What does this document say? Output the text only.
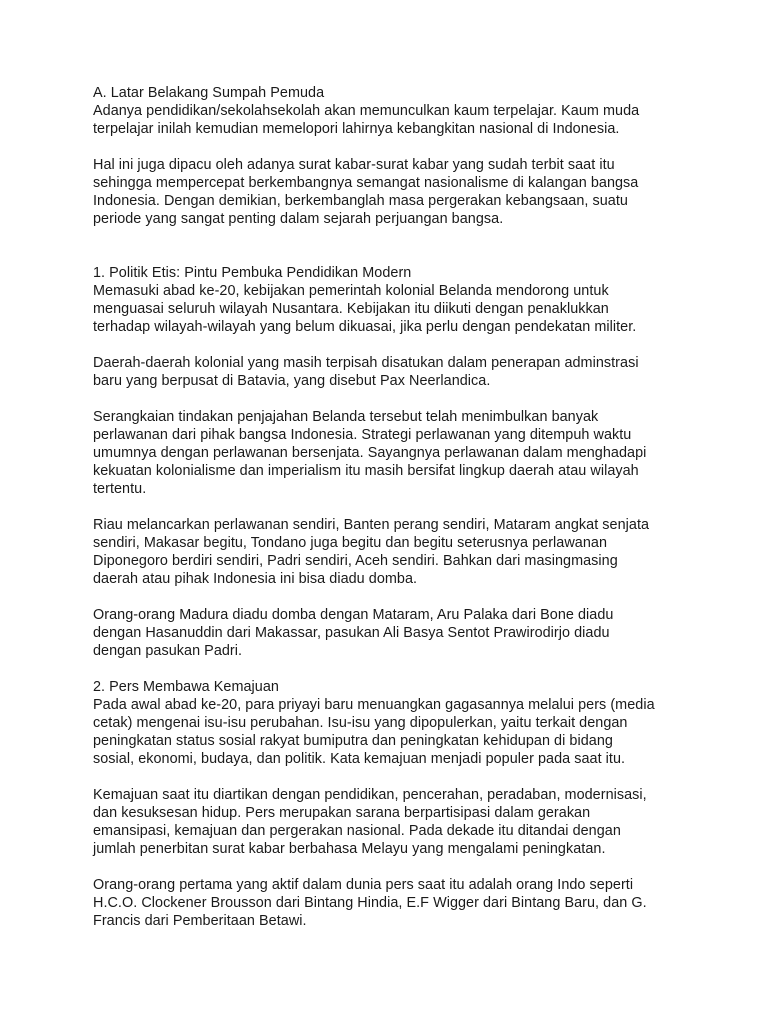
A. Latar Belakang Sumpah Pemuda
Adanya pendidikan/sekolahsekolah akan memunculkan kaum terpelajar. Kaum muda
terpelajar inilah kemudian memelopori lahirnya kebangkitan nasional di Indonesia.
Hal ini juga dipacu oleh adanya surat kabar-surat kabar yang sudah terbit saat itu
sehingga mempercepat berkembangnya semangat nasionalisme di kalangan bangsa
Indonesia. Dengan demikian, berkembanglah masa pergerakan kebangsaan, suatu
periode yang sangat penting dalam sejarah perjuangan bangsa.
1. Politik Etis: Pintu Pembuka Pendidikan Modern
Memasuki abad ke-20, kebijakan pemerintah kolonial Belanda mendorong untuk
menguasai seluruh wilayah Nusantara. Kebijakan itu diikuti dengan penaklukkan
terhadap wilayah-wilayah yang belum dikuasai, jika perlu dengan pendekatan militer.
Daerah-daerah kolonial yang masih terpisah disatukan dalam penerapan adminstrasi
baru yang berpusat di Batavia, yang disebut Pax Neerlandica.
Serangkaian tindakan penjajahan Belanda tersebut telah menimbulkan banyak
perlawanan dari pihak bangsa Indonesia. Strategi perlawanan yang ditempuh waktu
umumnya dengan perlawanan bersenjata. Sayangnya perlawanan dalam menghadapi
kekuatan kolonialisme dan imperialism itu masih bersifat lingkup daerah atau wilayah
tertentu.
Riau melancarkan perlawanan sendiri, Banten perang sendiri, Mataram angkat senjata
sendiri, Makasar begitu, Tondano juga begitu dan begitu seterusnya perlawanan
Diponegoro berdiri sendiri, Padri sendiri, Aceh sendiri. Bahkan dari masingmasing
daerah atau pihak Indonesia ini bisa diadu domba.
Orang-orang Madura diadu domba dengan Mataram, Aru Palaka dari Bone diadu
dengan Hasanuddin dari Makassar, pasukan Ali Basya Sentot Prawirodirjo diadu
dengan pasukan Padri.
2. Pers Membawa Kemajuan
Pada awal abad ke-20, para priyayi baru menuangkan gagasannya melalui pers (media
cetak) mengenai isu-isu perubahan. Isu-isu yang dipopulerkan, yaitu terkait dengan
peningkatan status sosial rakyat bumiputra dan peningkatan kehidupan di bidang
sosial, ekonomi, budaya, dan politik. Kata kemajuan menjadi populer pada saat itu.
Kemajuan saat itu diartikan dengan pendidikan, pencerahan, peradaban, modernisasi,
dan kesuksesan hidup. Pers merupakan sarana berpartisipasi dalam gerakan
emansipasi, kemajuan dan pergerakan nasional. Pada dekade itu ditandai dengan
jumlah penerbitan surat kabar berbahasa Melayu yang mengalami peningkatan.
Orang-orang pertama yang aktif dalam dunia pers saat itu adalah orang Indo seperti
H.C.O. Clockener Brousson dari Bintang Hindia, E.F Wigger dari Bintang Baru, dan G.
Francis dari Pemberitaan Betawi.
